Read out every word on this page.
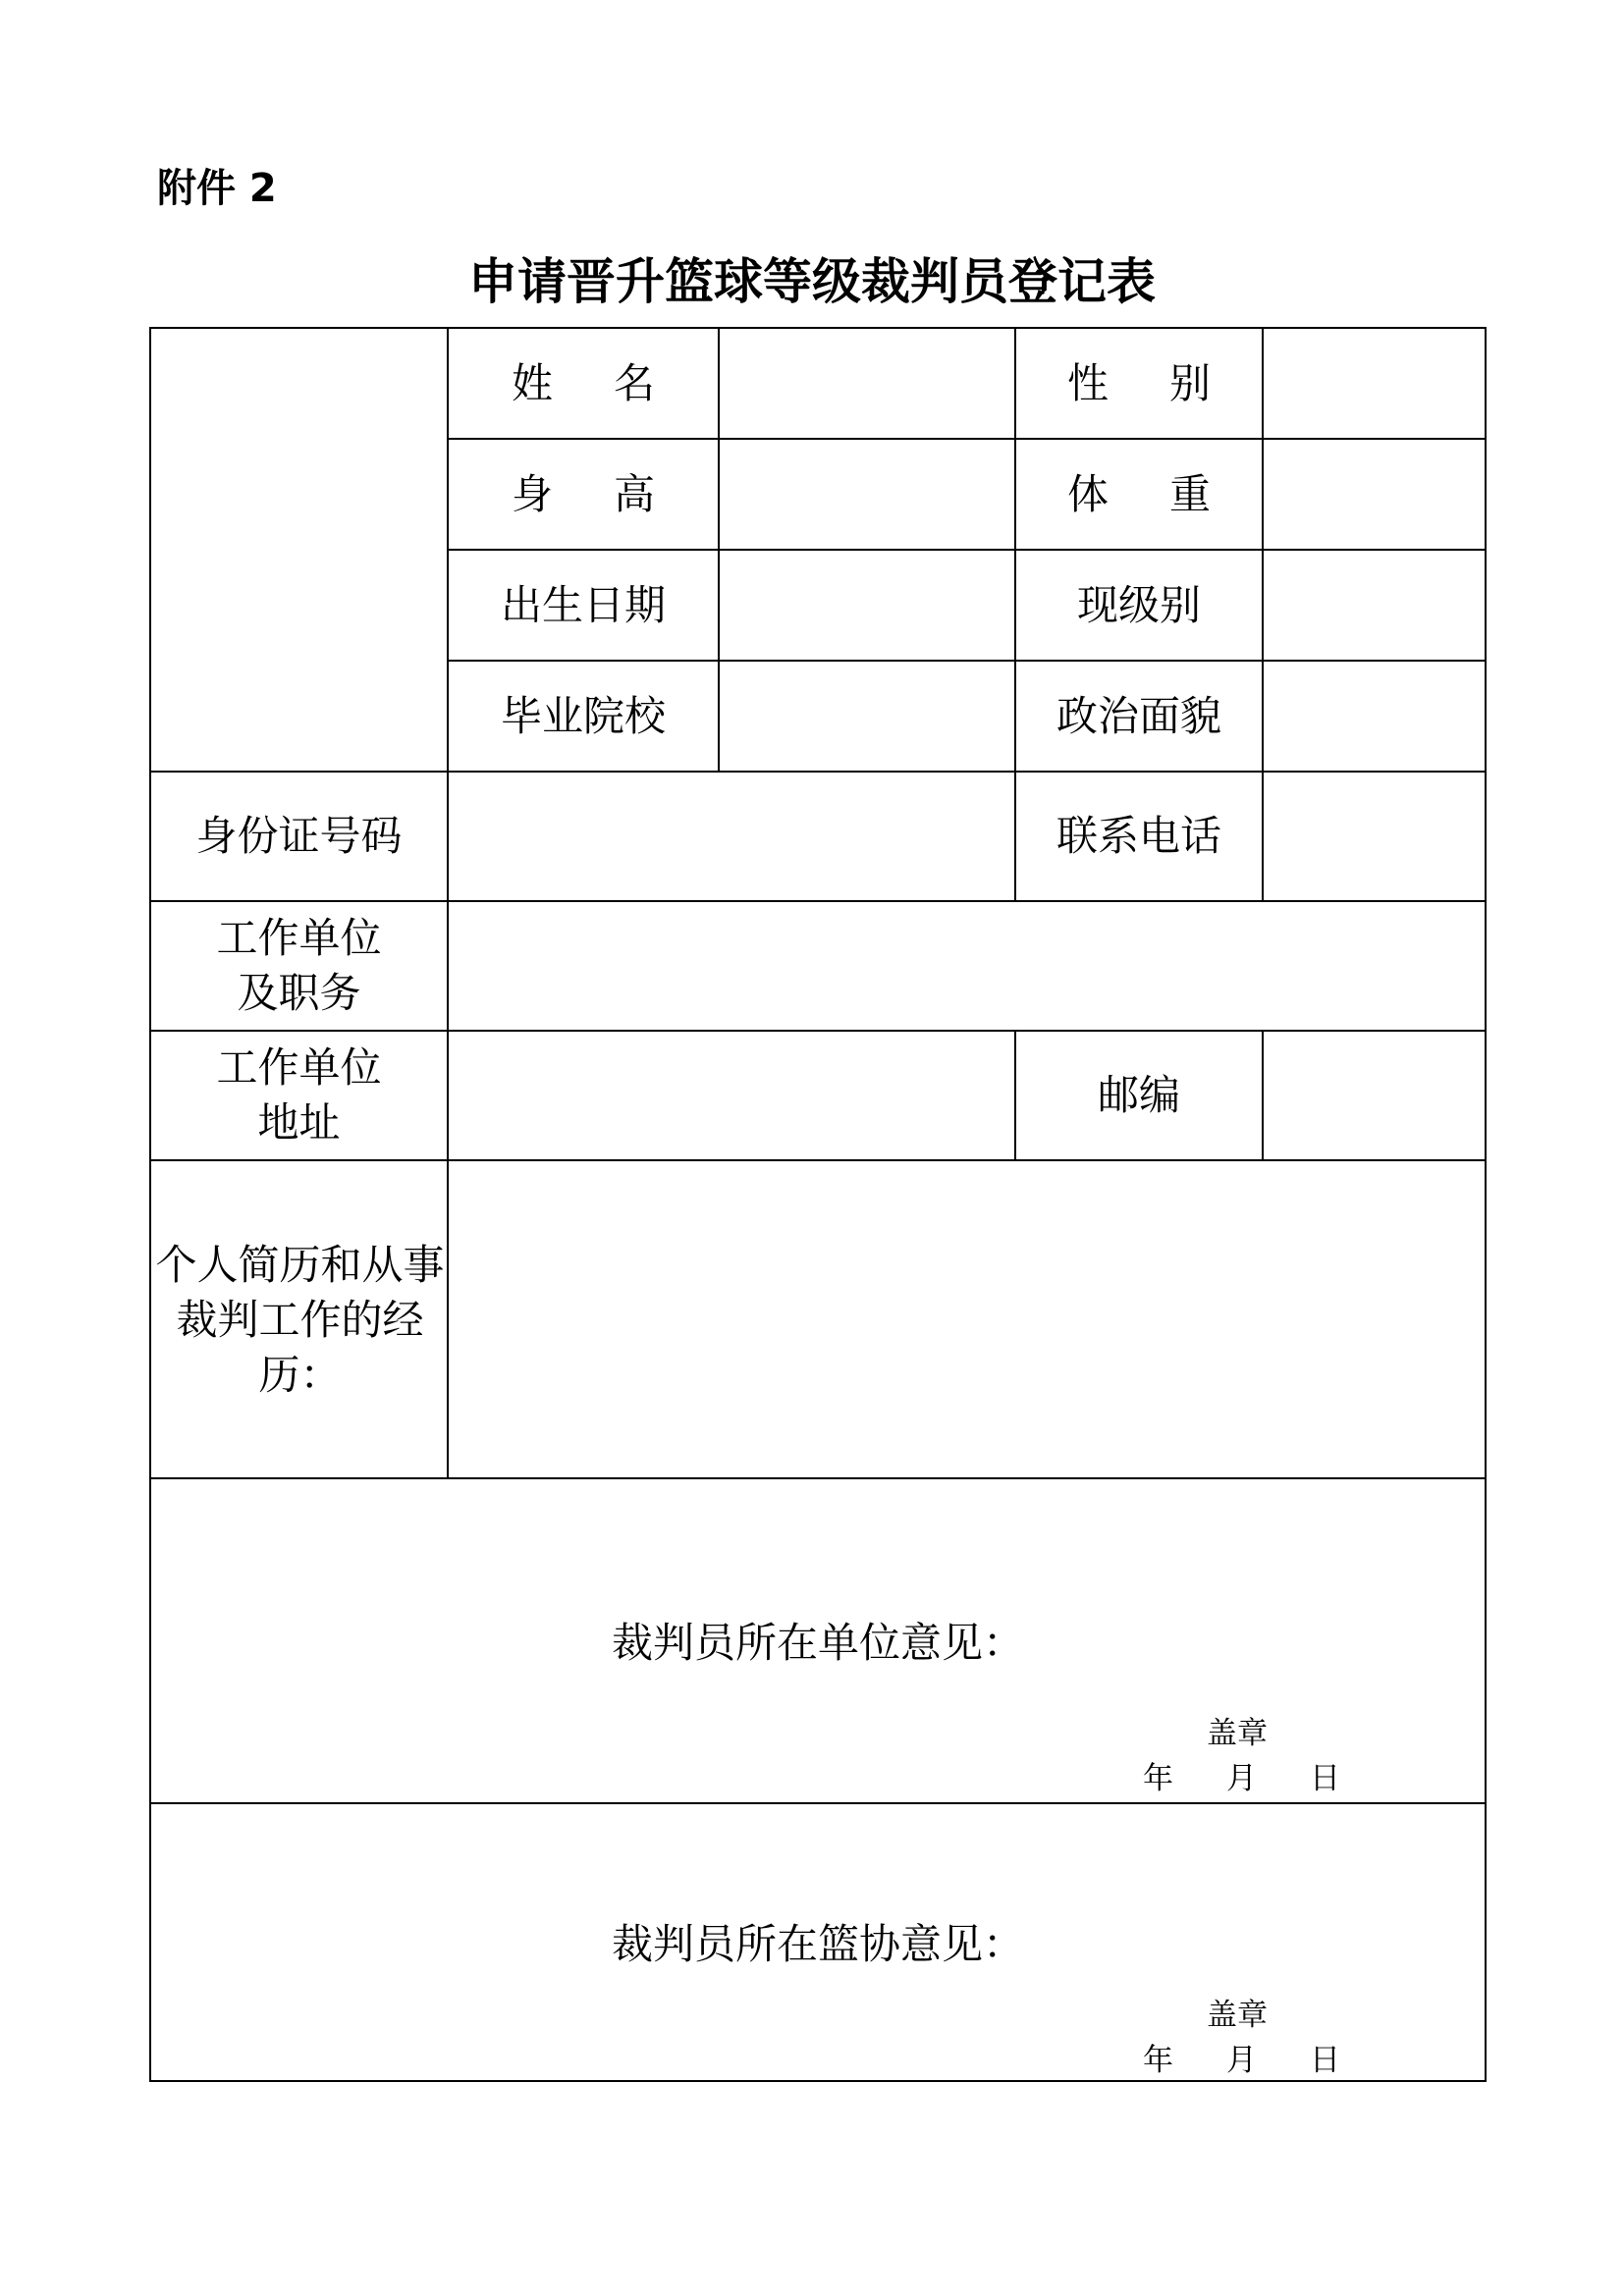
附件 2
申请晋升篮球等级裁判员登记表
	姓 名		性 别	
	身 高		体 重	
	出生日期		现级别	
	毕业院校		政治面貌	
身份证号码			联系电话	
工作单位
及职务				
工作单位
地址			邮编	
个人简历和从事裁判工作的经历：				

裁判员所在单位意见：
盖章
年 月 日				

裁判员所在篮协意见：
盖章
年 月 日				
